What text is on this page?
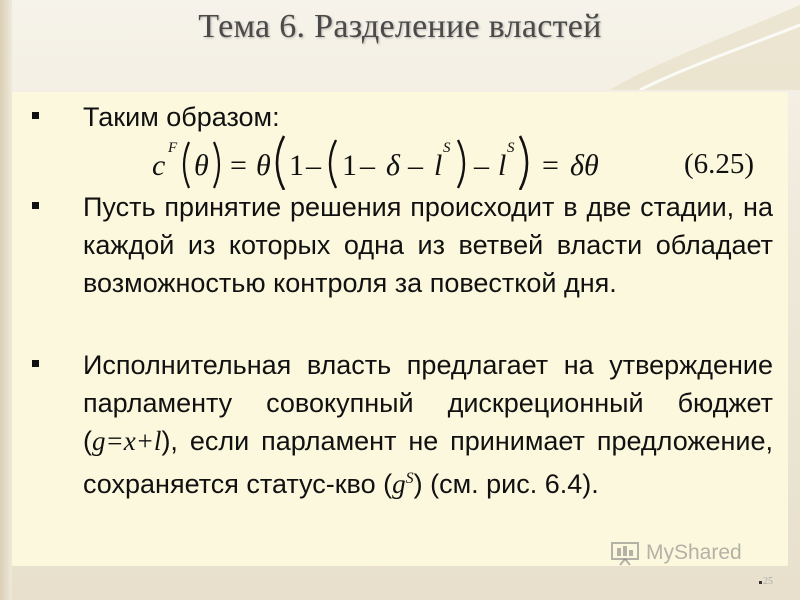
Тема 6. Разделение властей
Таким образом:
c
F
θ = θ 1 – 1 – δ – l
S
– l
S
= δθ	(6.25)
Пусть принятие решения происходит в две стадии, на каждой из которых одна из ветвей власти обладает возможностью контроля за повесткой дня.
Исполнительная власть предлагает на утверждение парламенту совокупный дискреционный бюджет (g=x+l), если парламент не принимает предложение, сохраняется статус-кво $(g^S)$ (см. рис. 6.4).
MyShared
25
